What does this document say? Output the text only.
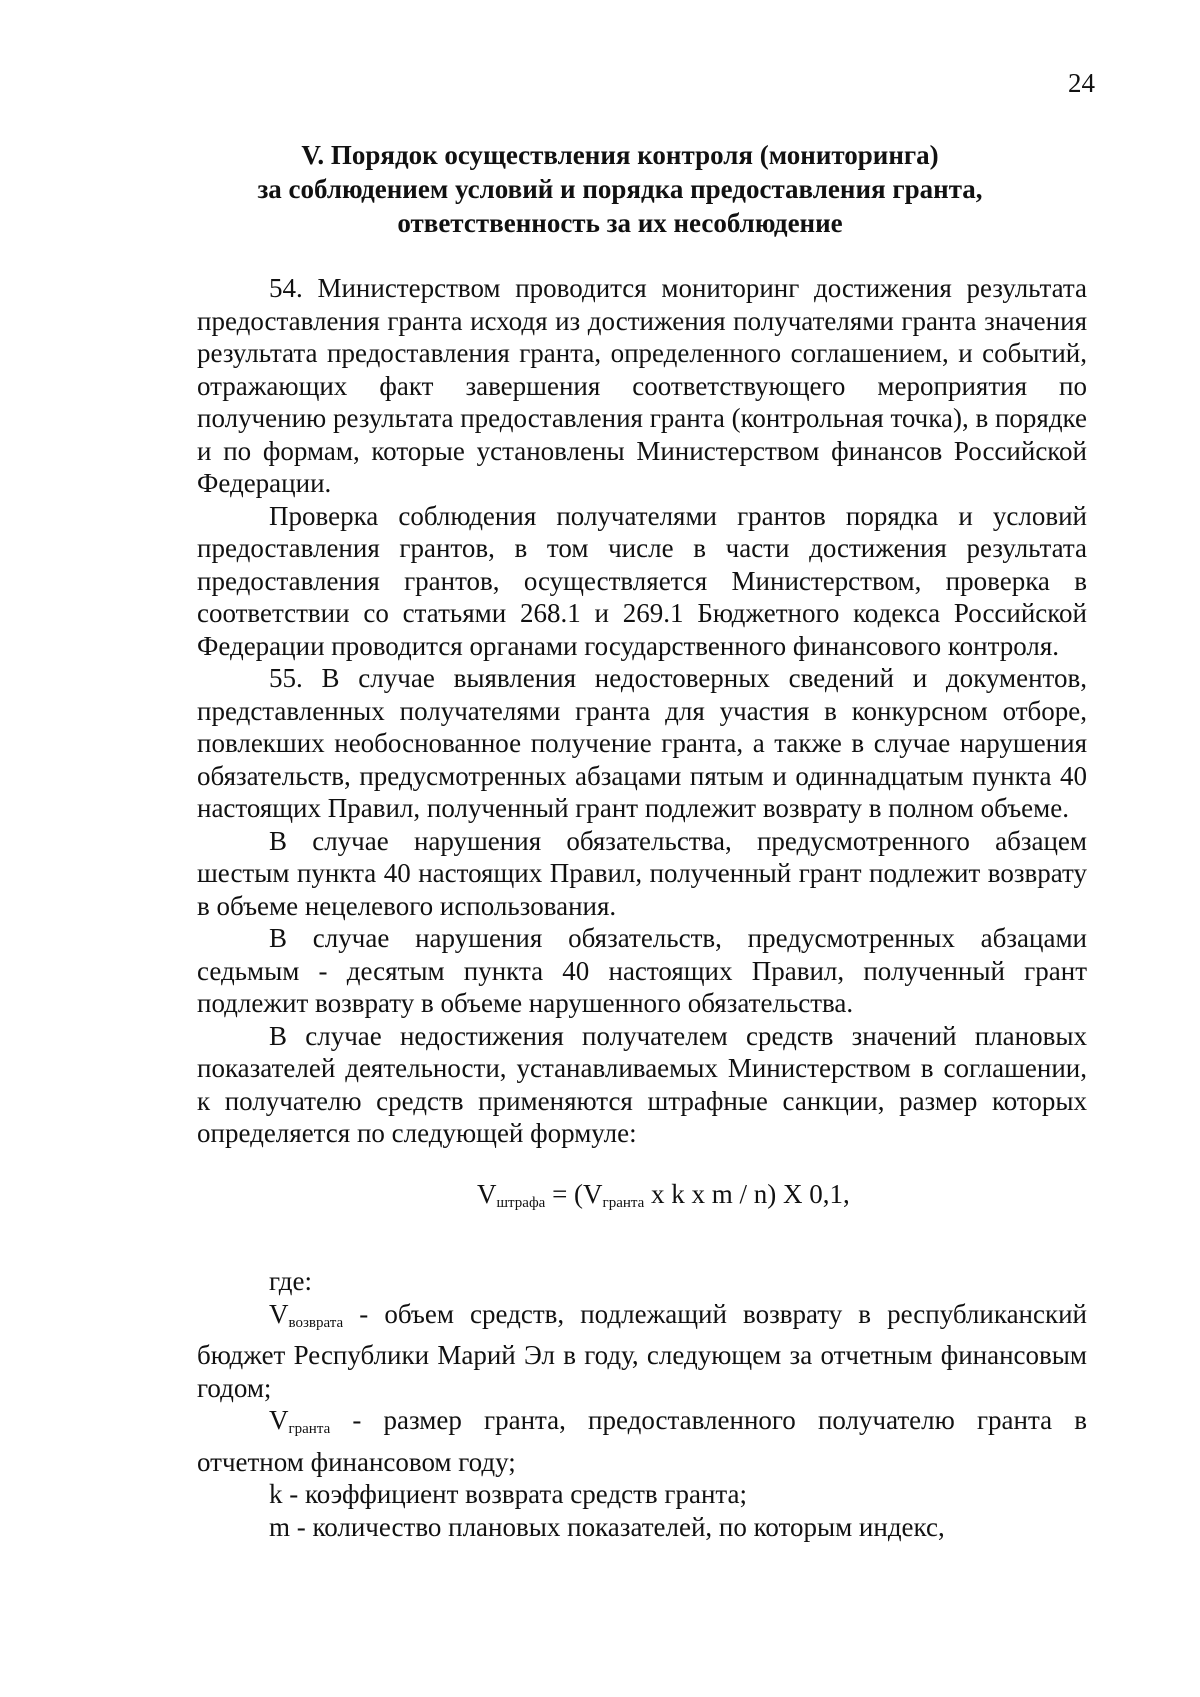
24
V. Порядок осуществления контроля (мониторинга)
за соблюдением условий и порядка предоставления гранта,
ответственность за их несоблюдение

54. Министерством проводится мониторинг достижения результата предоставления гранта исходя из достижения получателями гранта значения результата предоставления гранта, определенного соглашением, и событий, отражающих факт завершения соответствующего мероприятия по получению результата предоставления гранта (контрольная точка), в порядке и по формам, которые установлены Министерством финансов Российской Федерации.

Проверка соблюдения получателями грантов порядка и условий предоставления грантов, в том числе в части достижения результата предоставления грантов, осуществляется Министерством, проверка в соответствии со статьями 268.1 и 269.1 Бюджетного кодекса Российской Федерации проводится органами государственного финансового контроля.

55. В случае выявления недостоверных сведений и документов, представленных получателями гранта для участия в конкурсном отборе, повлекших необоснованное получение гранта, а также в случае нарушения обязательств, предусмотренных абзацами пятым и одиннадцатым пункта 40 настоящих Правил, полученный грант подлежит возврату в полном объеме.

В случае нарушения обязательства, предусмотренного абзацем шестым пункта 40 настоящих Правил, полученный грант подлежит возврату в объеме нецелевого использования.

В случае нарушения обязательств, предусмотренных абзацами седьмым - десятым пункта 40 настоящих Правил, полученный грант подлежит возврату в объеме нарушенного обязательства.

В случае недостижения получателем средств значений плановых показателей деятельности, устанавливаемых Министерством в соглашении, к получателю средств применяются штрафные санкции, размер которых определяется по следующей формуле:

$V_{штрафа} = (V_{гранта}$ x k x m / n) X 0,1,

где:

$V_{возврата}$ - объем средств, подлежащий возврату в республиканский бюджет Республики Марий Эл в году, следующем за отчетным финансовым годом;

$V_{гранта}$ - размер гранта, предоставленного получателю гранта в отчетном финансовом году;

k - коэффициент возврата средств гранта;

m - количество плановых показателей, по которым индекс,
